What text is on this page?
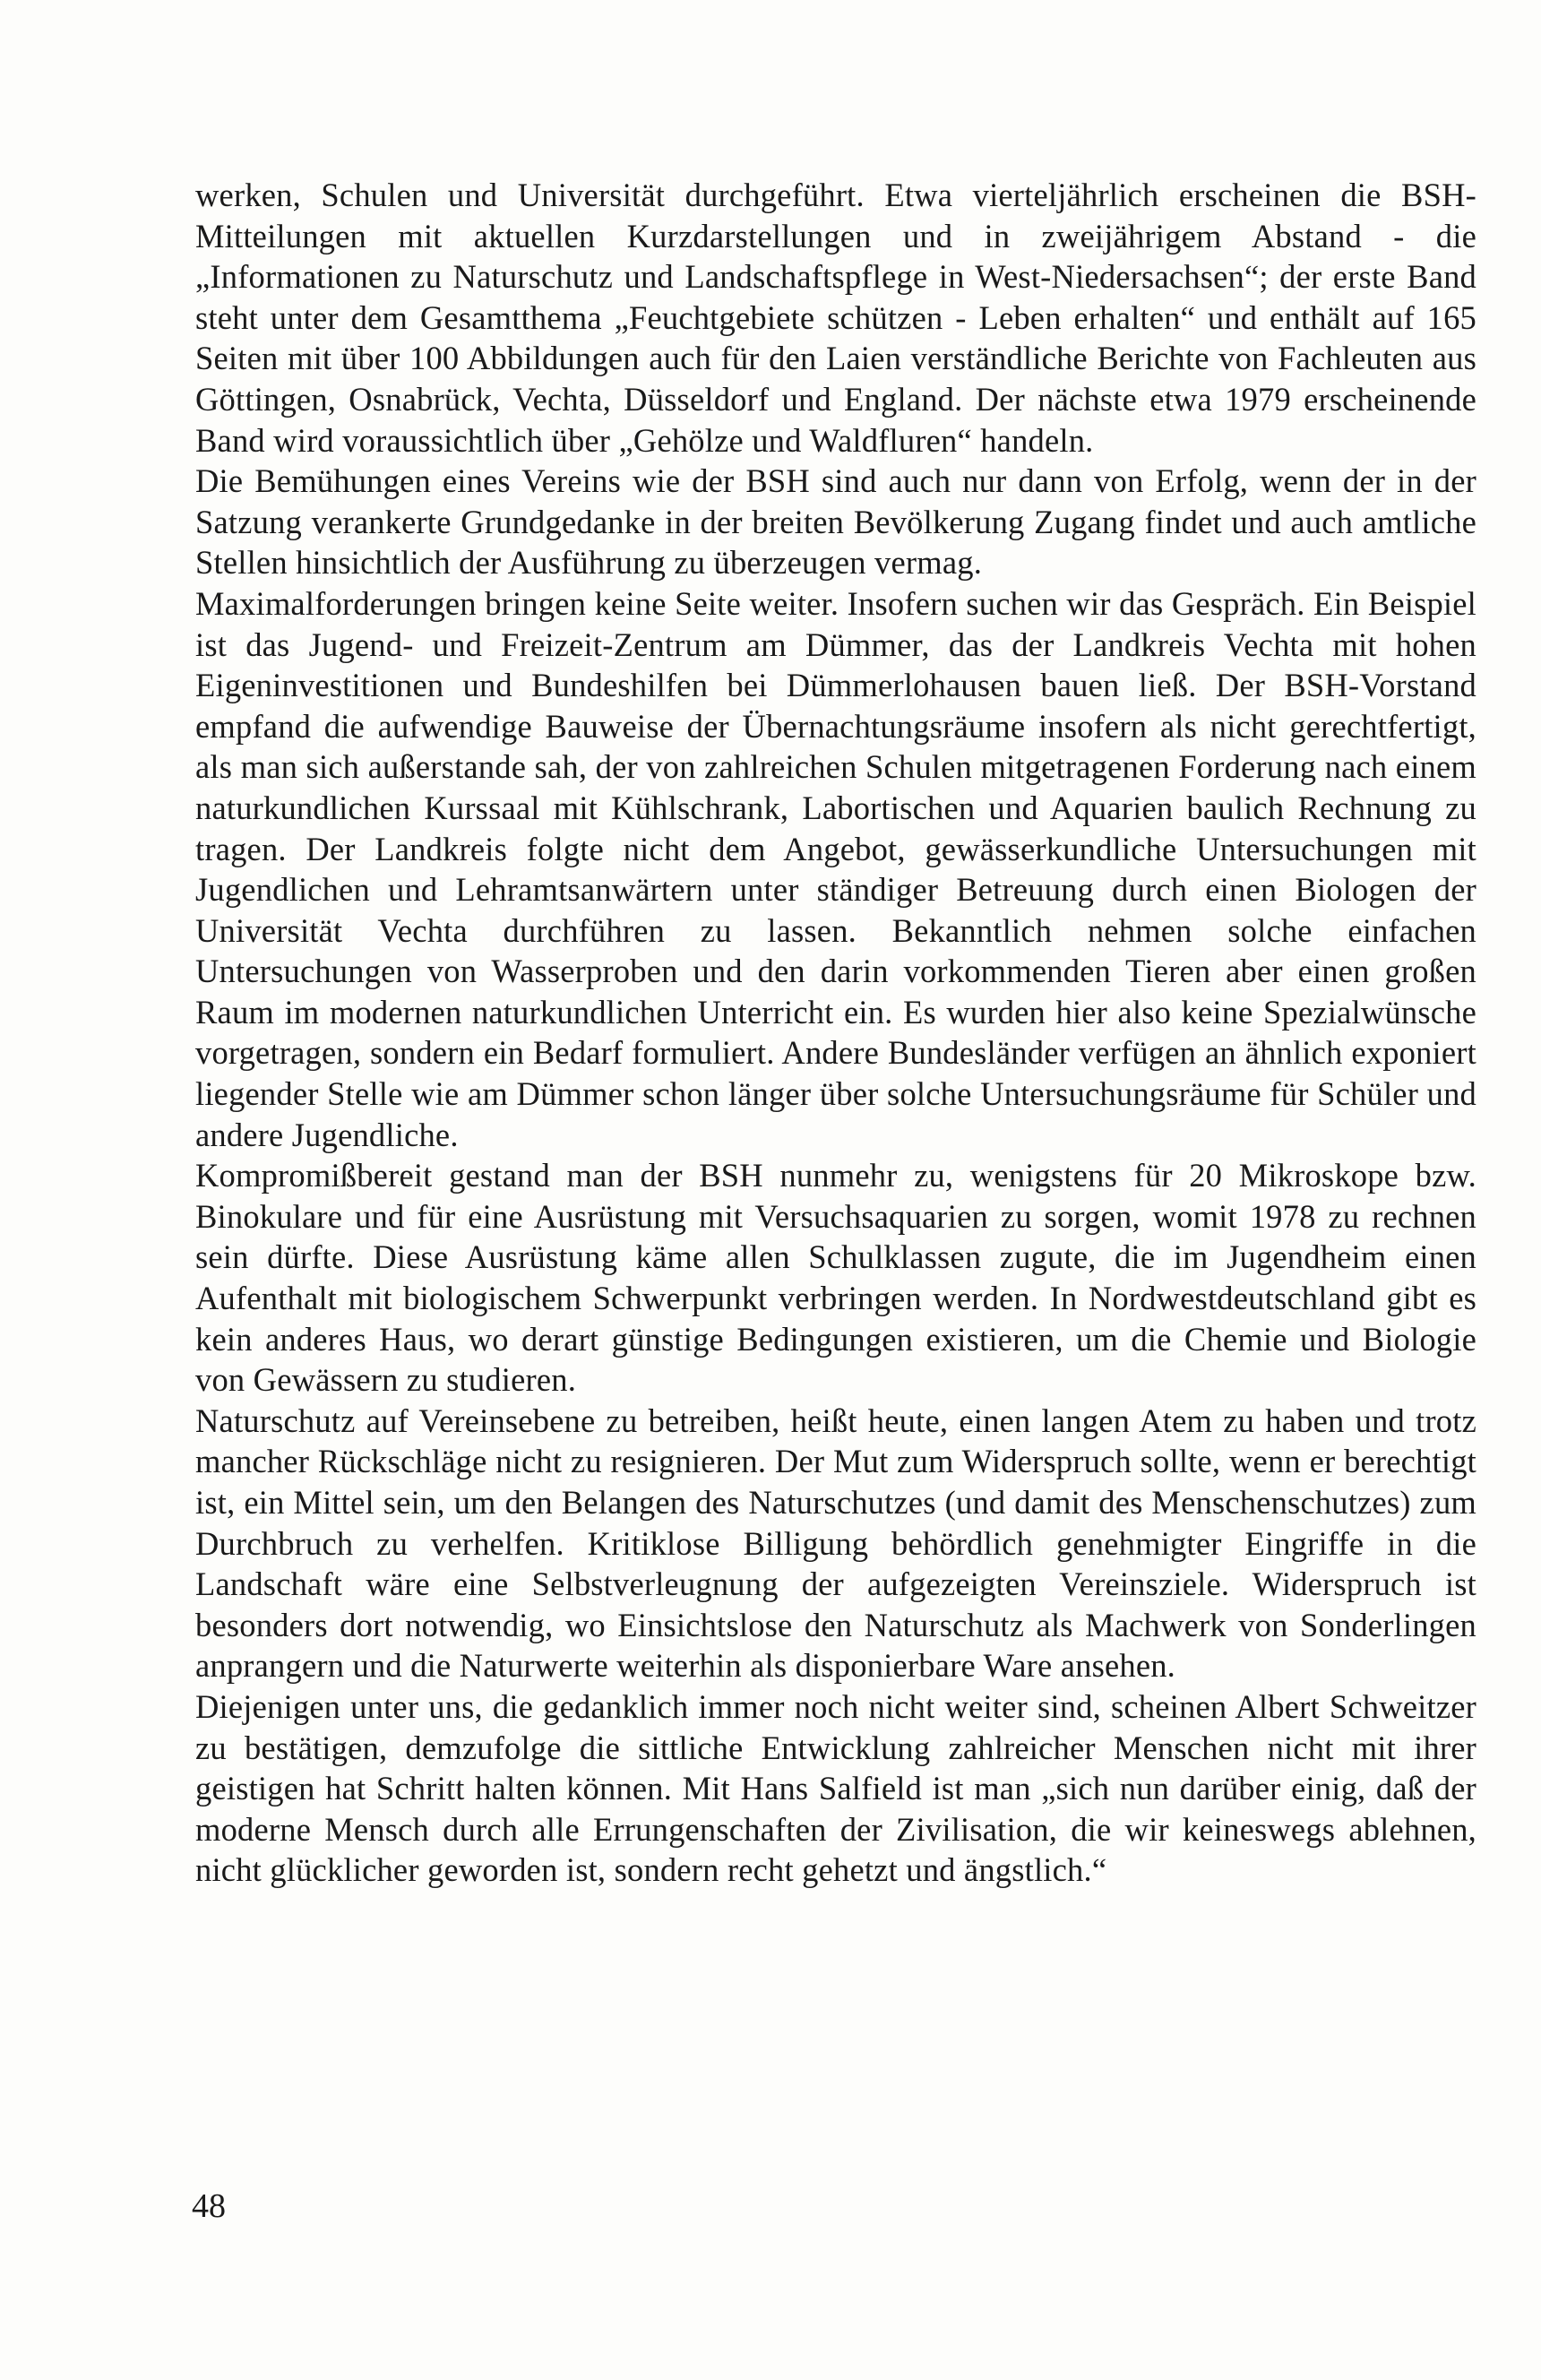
werken, Schulen und Universität durchgeführt. Etwa vierteljährlich erscheinen die BSH-Mitteilungen mit aktuellen Kurzdarstellungen und in zweijährigem Abstand - die „Informationen zu Naturschutz und Landschaftspflege in West-Niedersachsen“; der erste Band steht unter dem Gesamtthema „Feuchtgebiete schützen - Leben erhalten“ und enthält auf 165 Seiten mit über 100 Abbildungen auch für den Laien verständliche Berichte von Fachleuten aus Göttingen, Osnabrück, Vechta, Düsseldorf und England. Der nächste etwa 1979 erscheinende Band wird voraussichtlich über „Gehölze und Waldfluren“ handeln.

Die Bemühungen eines Vereins wie der BSH sind auch nur dann von Erfolg, wenn der in der Satzung verankerte Grundgedanke in der breiten Bevölkerung Zugang findet und auch amtliche Stellen hinsichtlich der Ausführung zu überzeugen vermag.

Maximalforderungen bringen keine Seite weiter. Insofern suchen wir das Gespräch. Ein Beispiel ist das Jugend- und Freizeit-Zentrum am Dümmer, das der Landkreis Vechta mit hohen Eigeninvestitionen und Bundeshilfen bei Dümmerlohausen bauen ließ. Der BSH-Vorstand empfand die aufwendige Bauweise der Übernachtungsräume insofern als nicht gerechtfertigt, als man sich außerstande sah, der von zahlreichen Schulen mitgetragenen Forderung nach einem naturkundlichen Kurssaal mit Kühlschrank, Labortischen und Aquarien baulich Rechnung zu tragen. Der Landkreis folgte nicht dem Angebot, gewässerkundliche Untersuchungen mit Jugendlichen und Lehramtsanwärtern unter ständiger Betreuung durch einen Biologen der Universität Vechta durchführen zu lassen. Bekanntlich nehmen solche einfachen Untersuchungen von Wasserproben und den darin vorkommenden Tieren aber einen großen Raum im modernen naturkundlichen Unterricht ein. Es wurden hier also keine Spezialwünsche vorgetragen, sondern ein Bedarf formuliert. Andere Bundesländer verfügen an ähnlich exponiert liegender Stelle wie am Dümmer schon länger über solche Untersuchungsräume für Schüler und andere Jugendliche.

Kompromißbereit gestand man der BSH nunmehr zu, wenigstens für 20 Mikroskope bzw. Binokulare und für eine Ausrüstung mit Versuchsaquarien zu sorgen, womit 1978 zu rechnen sein dürfte. Diese Ausrüstung käme allen Schulklassen zugute, die im Jugendheim einen Aufenthalt mit biologischem Schwerpunkt verbringen werden. In Nordwestdeutschland gibt es kein anderes Haus, wo derart günstige Bedingungen existieren, um die Chemie und Biologie von Gewässern zu studieren.

Naturschutz auf Vereinsebene zu betreiben, heißt heute, einen langen Atem zu haben und trotz mancher Rückschläge nicht zu resignieren. Der Mut zum Widerspruch sollte, wenn er berechtigt ist, ein Mittel sein, um den Belangen des Naturschutzes (und damit des Menschenschutzes) zum Durchbruch zu verhelfen. Kritiklose Billigung behördlich genehmigter Eingriffe in die Landschaft wäre eine Selbstverleugnung der aufgezeigten Vereinsziele. Widerspruch ist besonders dort notwendig, wo Einsichtslose den Naturschutz als Machwerk von Sonderlingen anprangern und die Naturwerte weiterhin als disponierbare Ware ansehen.

Diejenigen unter uns, die gedanklich immer noch nicht weiter sind, scheinen Albert Schweitzer zu bestätigen, demzufolge die sittliche Entwicklung zahlreicher Menschen nicht mit ihrer geistigen hat Schritt halten können. Mit Hans Salfield ist man „sich nun darüber einig, daß der moderne Mensch durch alle Errungenschaften der Zivilisation, die wir keineswegs ablehnen, nicht glücklicher geworden ist, sondern recht gehetzt und ängstlich.“

48
